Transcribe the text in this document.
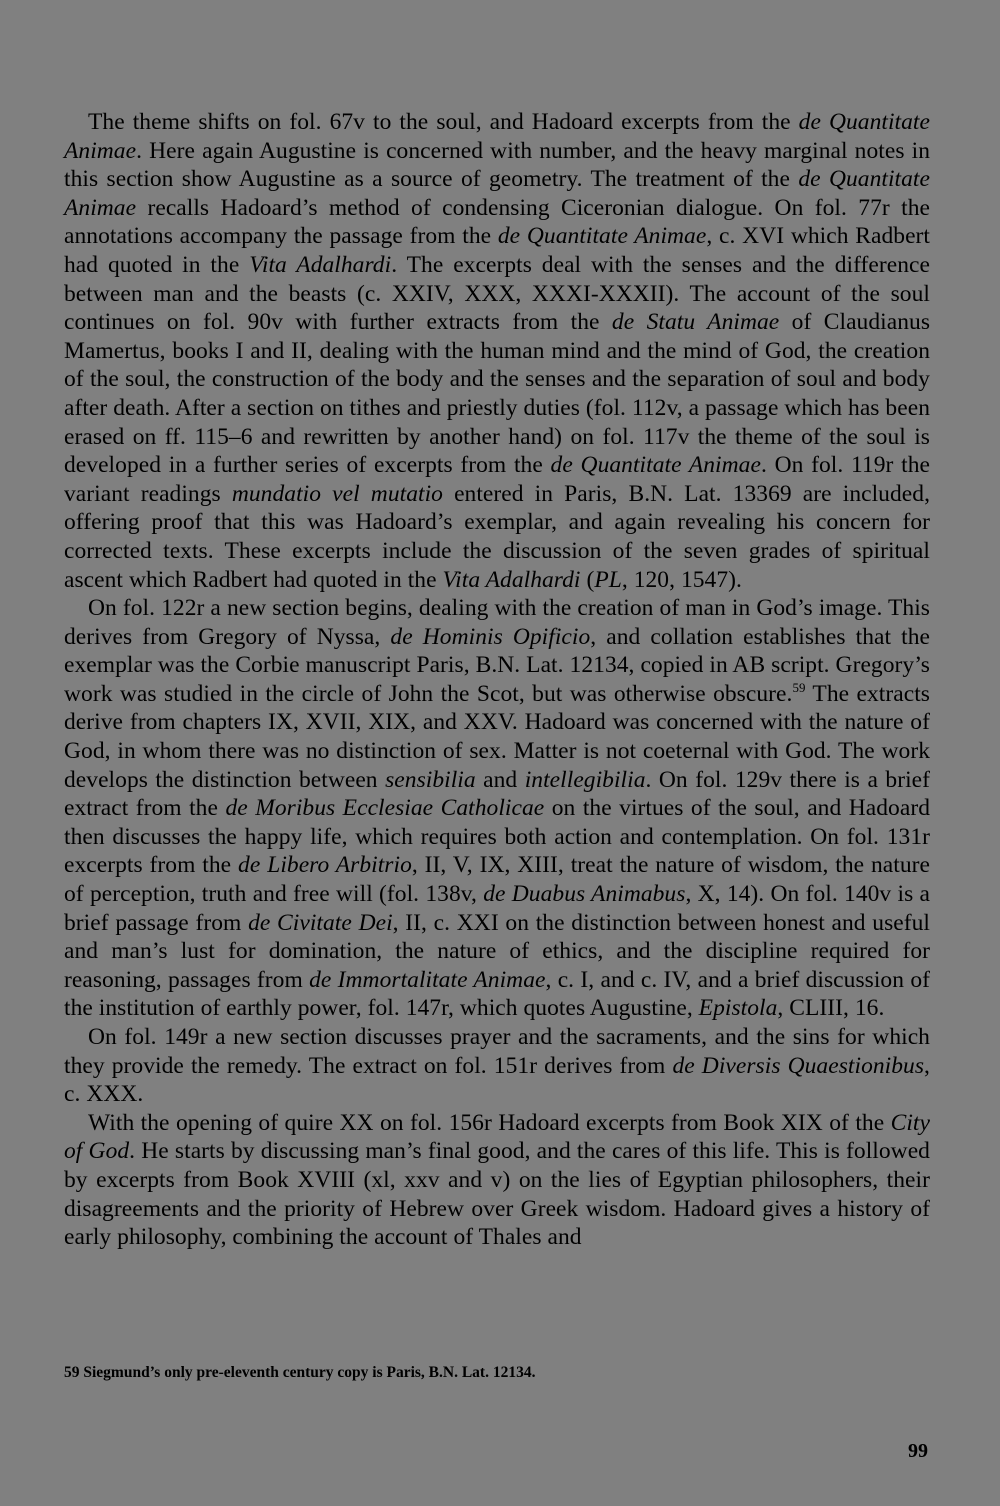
The theme shifts on fol. 67v to the soul, and Hadoard excerpts from the de Quantitate Animae. Here again Augustine is concerned with number, and the heavy marginal notes in this section show Augustine as a source of geometry. The treatment of the de Quantitate Animae recalls Hadoard’s method of condensing Ciceronian dialogue. On fol. 77r the annotations accompany the passage from the de Quantitate Animae, c. XVI which Radbert had quoted in the Vita Adalhardi. The excerpts deal with the senses and the difference between man and the beasts (c. XXIV, XXX, XXXI-XXXII). The account of the soul continues on fol. 90v with further extracts from the de Statu Animae of Claudianus Mamertus, books I and II, dealing with the human mind and the mind of God, the creation of the soul, the construction of the body and the senses and the separation of soul and body after death. After a section on tithes and priestly duties (fol. 112v, a passage which has been erased on ff. 115–6 and rewritten by another hand) on fol. 117v the theme of the soul is developed in a further series of excerpts from the de Quantitate Animae. On fol. 119r the variant readings mundatio vel mutatio entered in Paris, B.N. Lat. 13369 are included, offering proof that this was Hadoard’s exemplar, and again revealing his concern for corrected texts. These excerpts include the discussion of the seven grades of spiritual ascent which Radbert had quoted in the Vita Adalhardi (PL, 120, 1547).

On fol. 122r a new section begins, dealing with the creation of man in God’s image. This derives from Gregory of Nyssa, de Hominis Opificio, and collation establishes that the exemplar was the Corbie manuscript Paris, B.N. Lat. 12134, copied in AB script. Gregory’s work was studied in the circle of John the Scot, but was otherwise obscure.$^{59}$ The extracts derive from chapters IX, XVII, XIX, and XXV. Hadoard was concerned with the nature of God, in whom there was no distinction of sex. Matter is not coeternal with God. The work develops the distinction between sensibilia and intellegibilia. On fol. 129v there is a brief extract from the de Moribus Ecclesiae Catholicae on the virtues of the soul, and Hadoard then discusses the happy life, which requires both action and contemplation. On fol. 131r excerpts from the de Libero Arbitrio, II, V, IX, XIII, treat the nature of wisdom, the nature of perception, truth and free will (fol. 138v, de Duabus Animabus, X, 14). On fol. 140v is a brief passage from de Civitate Dei, II, c. XXI on the distinction between honest and useful and man’s lust for domination, the nature of ethics, and the discipline required for reasoning, passages from de Immortalitate Animae, c. I, and c. IV, and a brief discussion of the institution of earthly power, fol. 147r, which quotes Augustine, Epistola, CLIII, 16.

On fol. 149r a new section discusses prayer and the sacraments, and the sins for which they provide the remedy. The extract on fol. 151r derives from de Diversis Quaestionibus, c. XXX.

With the opening of quire XX on fol. 156r Hadoard excerpts from Book XIX of the City of God. He starts by discussing man’s final good, and the cares of this life. This is followed by excerpts from Book XVIII (xl, xxv and v) on the lies of Egyptian philosophers, their disagreements and the priority of Hebrew over Greek wisdom. Hadoard gives a history of early philosophy, combining the account of Thales and

59 Siegmund’s only pre-eleventh century copy is Paris, B.N. Lat. 12134.

99
